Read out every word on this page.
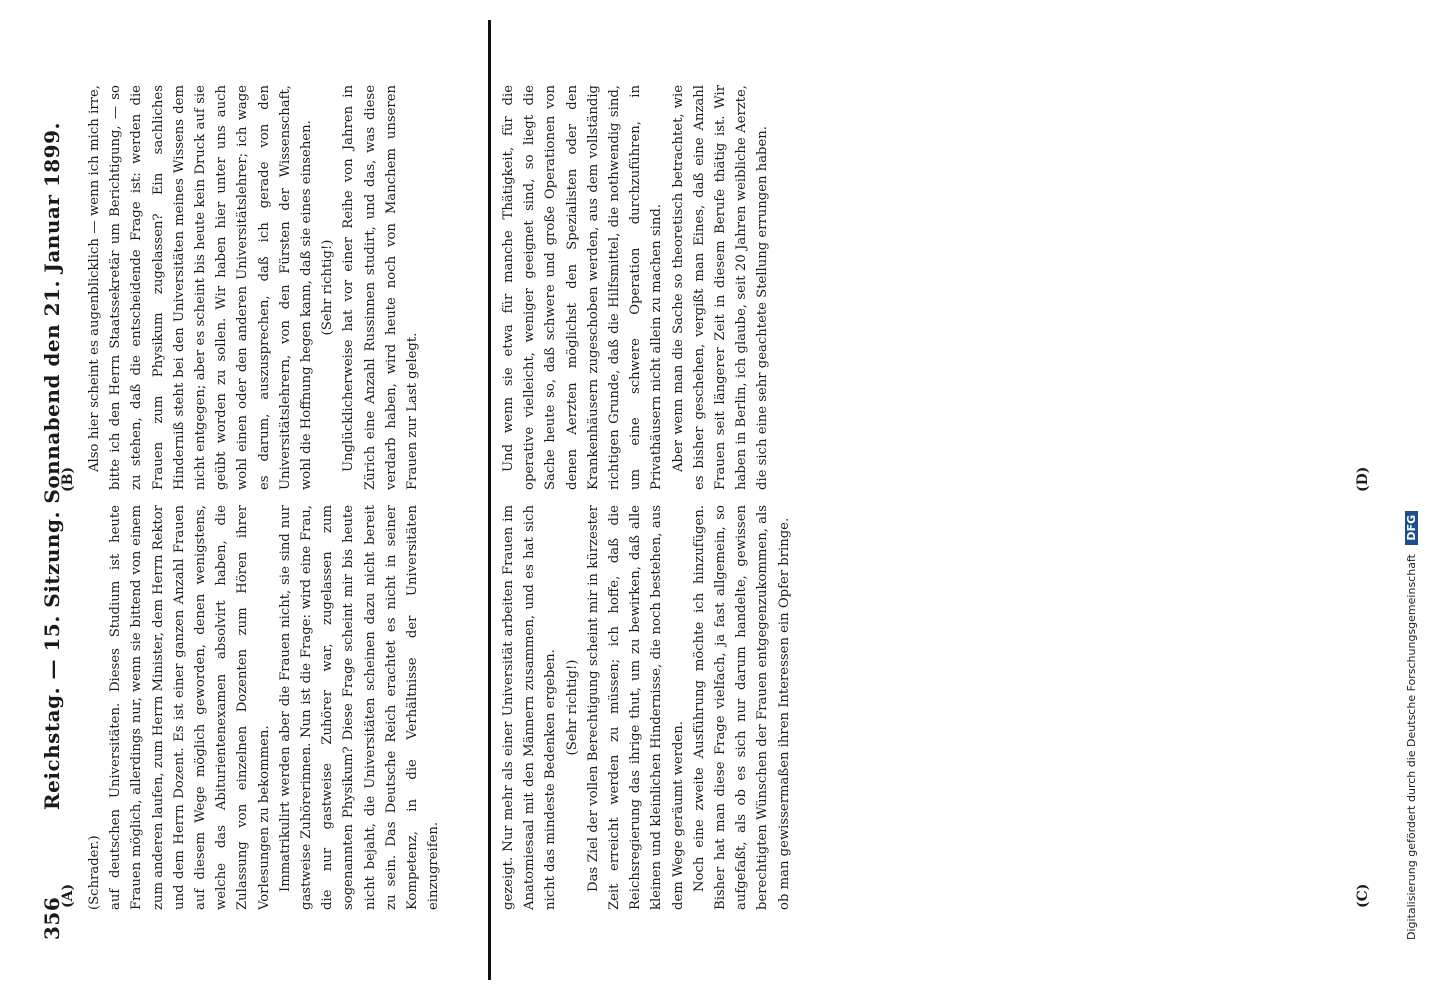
356
Reichstag. — 15. Sitzung. Sonnabend den 21. Januar 1899.
(A)
(B)
(C)
(D)

(Schrader.) auf deutschen Universitäten. Dieses Studium ist heute Frauen möglich, allerdings nur, wenn sie bittend von einem zum anderen laufen, zum Herrn Minister, dem Herrn Rektor und dem Herrn Dozent. Es ist einer ganzen Anzahl Frauen auf diesem Wege möglich geworden, denen wenigstens, welche das Abiturientenexamen absolvirt haben, die Zulassung von einzelnen Dozenten zum Hören ihrer Vorlesungen zu bekommen. Immatrikulirt werden aber die Frauen nicht, sie sind nur gastweise Zuhörerinnen. Nun ist die Frage: wird eine Frau, die nur gastweise Zuhörer war, zugelassen zum sogenannten Physikum? Diese Frage scheint mir bis heute nicht bejaht, die Universitäten scheinen dazu nicht bereit zu sein. Das Deutsche Reich erachtet es nicht in seiner Kompetenz, in die Verhältnisse der Universitäten einzugreifen.

Also hier scheint es augenblicklich — wenn ich mich irre, bitte ich den Herrn Staatssekretär um Berichtigung, — so zu stehen, daß die entscheidende Frage ist: werden die Frauen zum Physikum zugelassen? Ein sachliches Hinderniß steht bei den Universitäten meines Wissens dem nicht entgegen; aber es scheint bis heute kein Druck auf sie geübt worden zu sollen. Wir haben hier unter uns auch wohl einen oder den anderen Universitätslehrer; ich wage es darum, auszusprechen, daß ich gerade von den Universitätslehrern, von den Fürsten der Wissenschaft, wohl die Hoffnung hegen kann, daß sie eines einsehen. (Sehr richtig!) Unglücklicherweise hat vor einer Reihe von Jahren in Zürich eine Anzahl Russinnen studirt, und das, was diese verdarb haben, wird heute noch von Manchem unseren Frauen zur Last gelegt.

gezeigt. Nur mehr als einer Universität arbeiten Frauen im Anatomiesaal mit den Männern zusammen, und es hat sich nicht das mindeste Bedenken ergeben. (Sehr richtig!) Das Ziel der vollen Berechtigung scheint mir in kürzester Zeit erreicht werden zu müssen; ich hoffe, daß die Reichsregierung das ihrige thut, um zu bewirken, daß alle kleinen und kleinlichen Hindernisse, die noch bestehen, aus dem Wege geräumt werden. Noch eine zweite Ausführung möchte ich hinzufügen. Bisher hat man diese Frage vielfach, ja fast allgemein, so aufgefaßt, als ob es sich nur darum handelte, gewissen berechtigten Wünschen der Frauen entgegenzukommen, als ob man gewissermaßen ihren Interessen ein Opfer bringe.

Und wenn sie etwa für manche Thätigkeit, für die operative vielleicht, weniger geeignet sind, so liegt die Sache heute so, daß schwere und große Operationen von denen Aerzten möglichst den Spezialisten oder den Krankenhäusern zugeschoben werden, aus dem vollständig richtigen Grunde, daß die Hilfsmittel, die nothwendig sind, um eine schwere Operation durchzuführen, in Privathäusern nicht allein zu machen sind. Aber wenn man die Sache so theoretisch betrachtet, wie es bisher geschehen, vergißt man Eines, daß eine Anzahl Frauen seit längerer Zeit in diesem Berufe thätig ist. Wir haben in Berlin, ich glaube, seit 20 Jahren weibliche Aerzte, die sich eine sehr geachtete Stellung errungen haben.

Digitalisierung gefördert durch die Deutsche Forschungsgemeinschaft DFG
